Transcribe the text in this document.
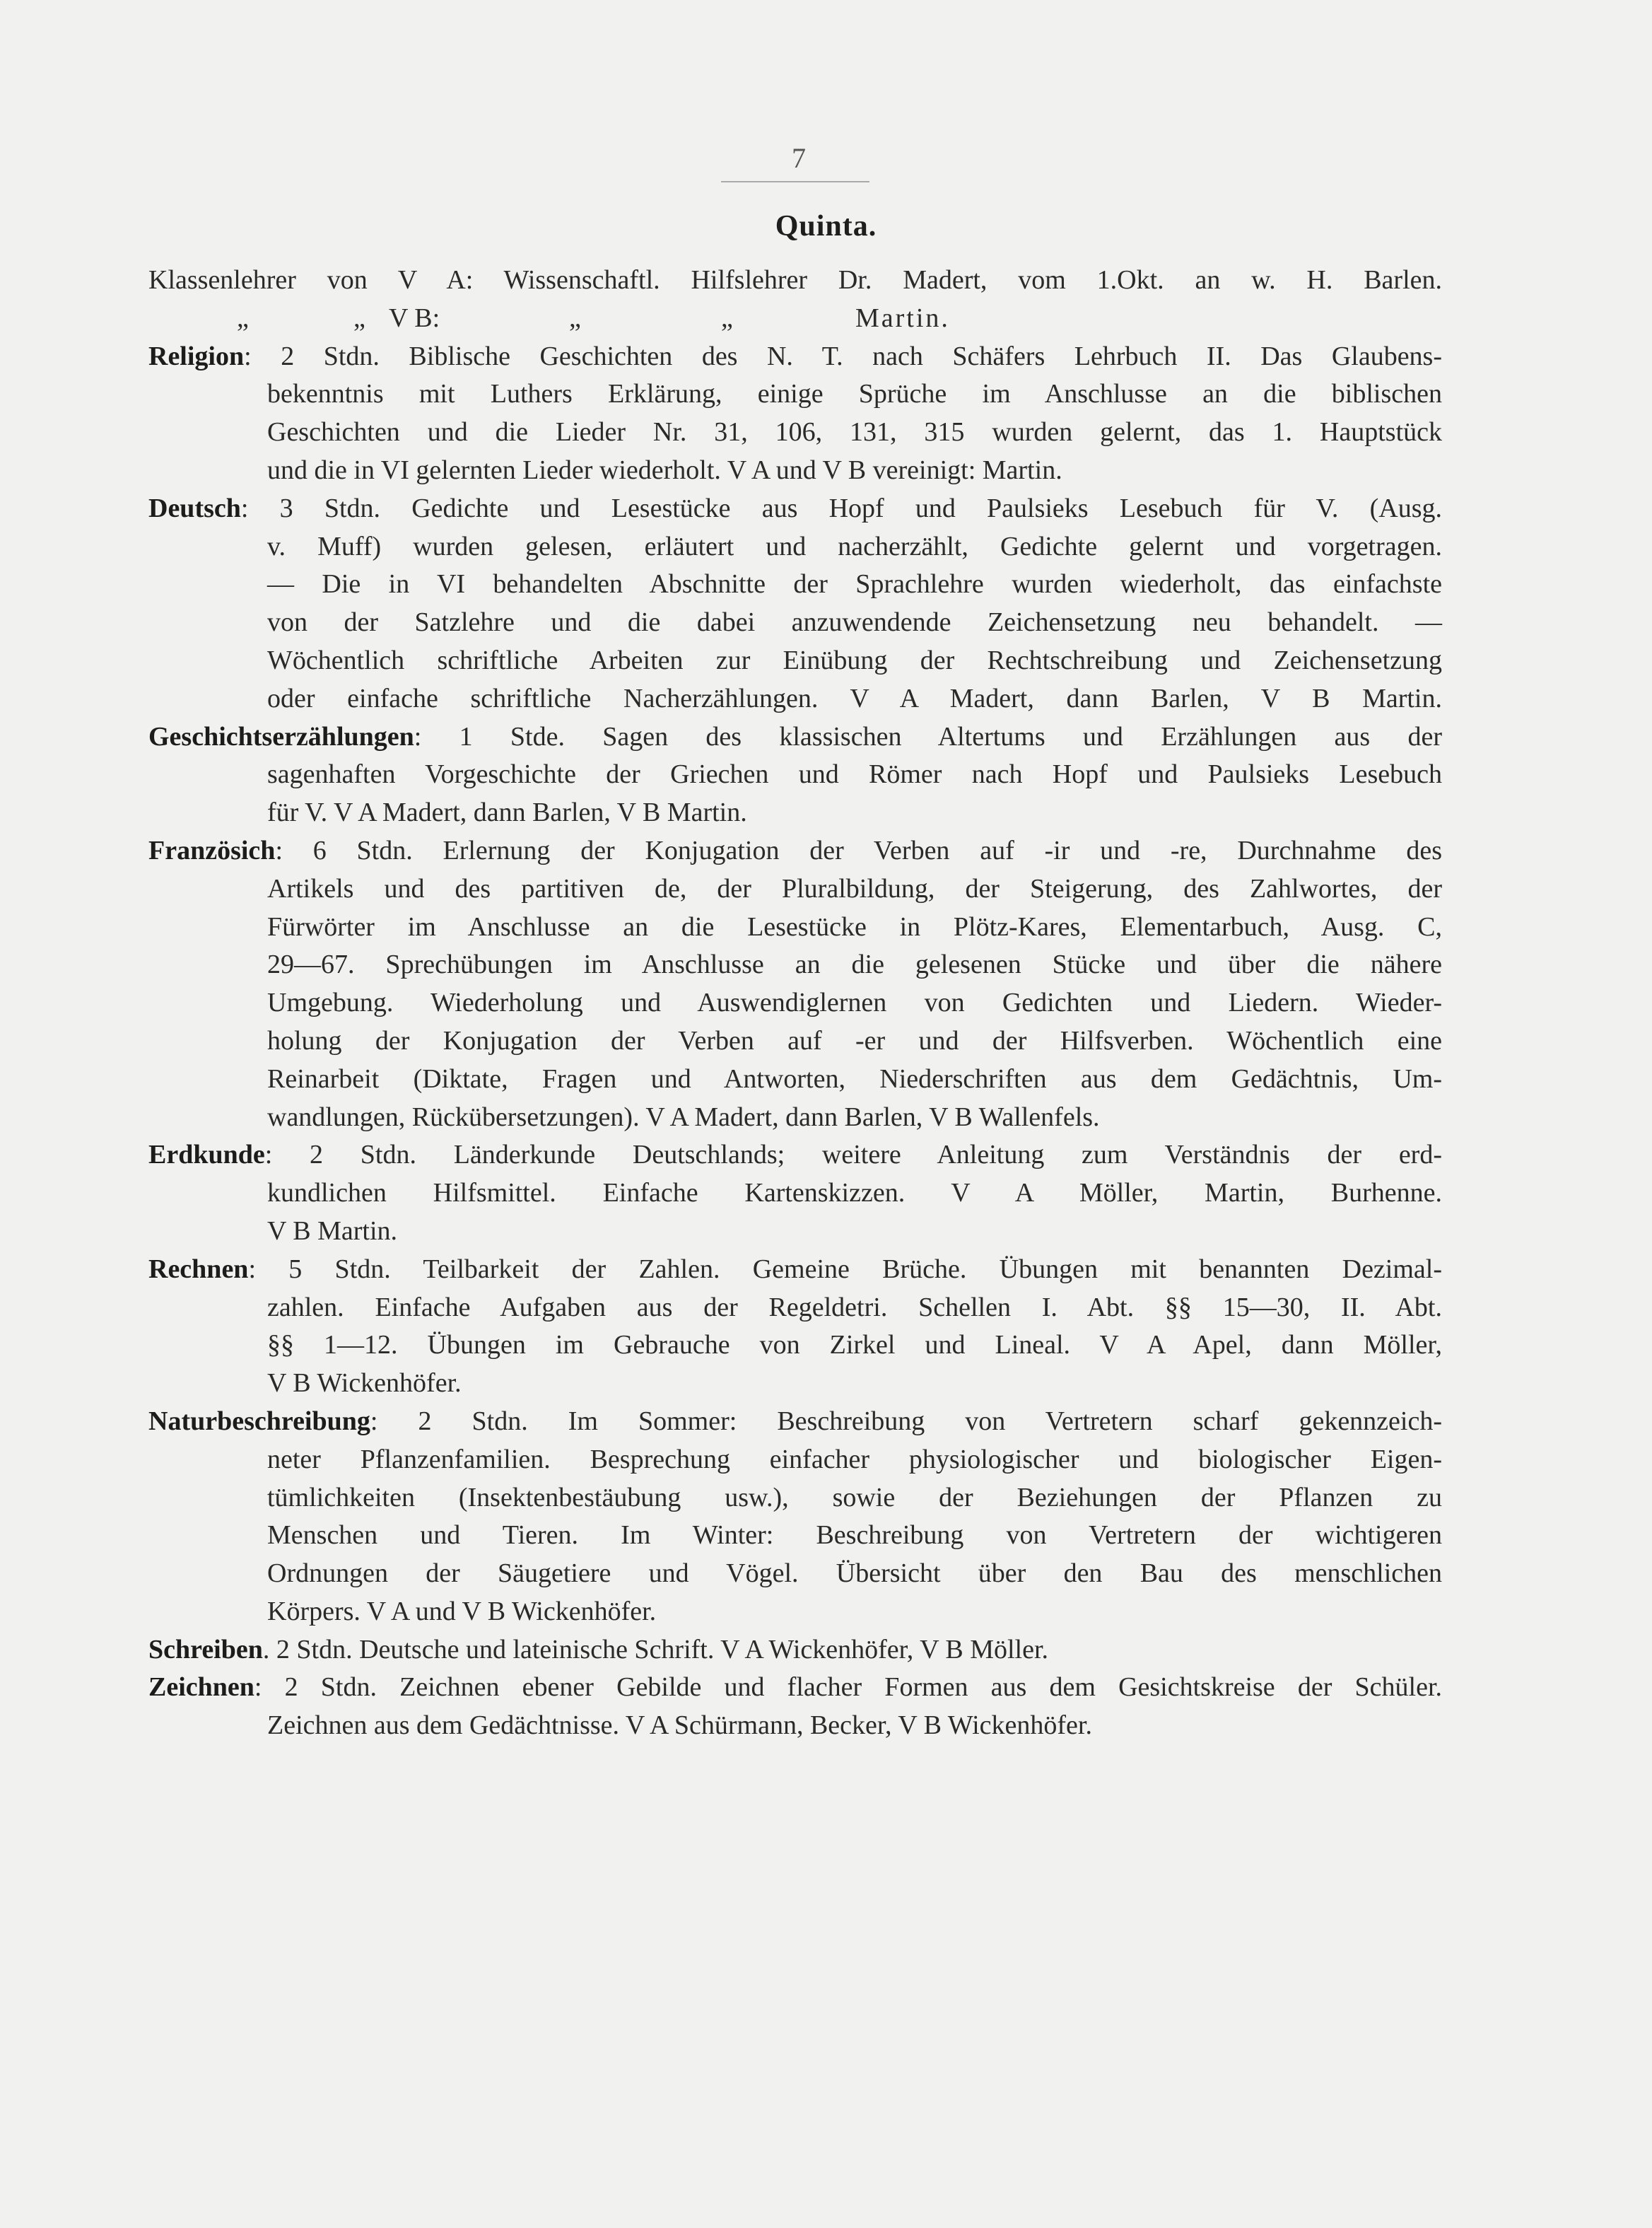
7
Quinta.
Klassenlehrer von V A: Wissenschaftl. Hilfslehrer Dr. Madert, vom 1.Okt. an w. H. Barlen.
„	„ V B:	„	„	Martin.
Religion: 2 Stdn. Biblische Geschichten des N. T. nach Schäfers Lehrbuch II. Das Glaubens-
bekenntnis mit Luthers Erklärung, einige Sprüche im Anschlusse an die biblischen
Geschichten und die Lieder Nr. 31, 106, 131, 315 wurden gelernt, das 1. Hauptstück
und die in VI gelernten Lieder wiederholt. V A und V B vereinigt: Martin.
Deutsch: 3 Stdn. Gedichte und Lesestücke aus Hopf und Paulsieks Lesebuch für V. (Ausg.
v. Muff) wurden gelesen, erläutert und nacherzählt, Gedichte gelernt und vorgetragen.
— Die in VI behandelten Abschnitte der Sprachlehre wurden wiederholt, das einfachste
von der Satzlehre und die dabei anzuwendende Zeichensetzung neu behandelt. —
Wöchentlich schriftliche Arbeiten zur Einübung der Rechtschreibung und Zeichensetzung
oder einfache schriftliche Nacherzählungen. V A Madert, dann Barlen, V B Martin.
Geschichtserzählungen: 1 Stde. Sagen des klassischen Altertums und Erzählungen aus der
sagenhaften Vorgeschichte der Griechen und Römer nach Hopf und Paulsieks Lesebuch
für V. V A Madert, dann Barlen, V B Martin.
Französich: 6 Stdn. Erlernung der Konjugation der Verben auf -ir und -re, Durchnahme des
Artikels und des partitiven de, der Pluralbildung, der Steigerung, des Zahlwortes, der
Fürwörter im Anschlusse an die Lesestücke in Plötz-Kares, Elementarbuch, Ausg. C,
29—67. Sprechübungen im Anschlusse an die gelesenen Stücke und über die nähere
Umgebung. Wiederholung und Auswendiglernen von Gedichten und Liedern. Wieder-
holung der Konjugation der Verben auf -er und der Hilfsverben. Wöchentlich eine
Reinarbeit (Diktate, Fragen und Antworten, Niederschriften aus dem Gedächtnis, Um-
wandlungen, Rückübersetzungen). V A Madert, dann Barlen, V B Wallenfels.
Erdkunde: 2 Stdn. Länderkunde Deutschlands; weitere Anleitung zum Verständnis der erd-
kundlichen Hilfsmittel. Einfache Kartenskizzen. V A Möller, Martin, Burhenne.
V B Martin.
Rechnen: 5 Stdn. Teilbarkeit der Zahlen. Gemeine Brüche. Übungen mit benannten Dezimal-
zahlen. Einfache Aufgaben aus der Regeldetri. Schellen I. Abt. §§ 15—30, II. Abt.
§§ 1—12. Übungen im Gebrauche von Zirkel und Lineal. V A Apel, dann Möller,
V B Wickenhöfer.
Naturbeschreibung: 2 Stdn. Im Sommer: Beschreibung von Vertretern scharf gekennzeich-
neter Pflanzenfamilien. Besprechung einfacher physiologischer und biologischer Eigen-
tümlichkeiten (Insektenbestäubung usw.), sowie der Beziehungen der Pflanzen zu
Menschen und Tieren. Im Winter: Beschreibung von Vertretern der wichtigeren
Ordnungen der Säugetiere und Vögel. Übersicht über den Bau des menschlichen
Körpers. V A und V B Wickenhöfer.
Schreiben. 2 Stdn. Deutsche und lateinische Schrift. V A Wickenhöfer, V B Möller.
Zeichnen: 2 Stdn. Zeichnen ebener Gebilde und flacher Formen aus dem Gesichtskreise der Schüler.
Zeichnen aus dem Gedächtnisse. V A Schürmann, Becker, V B Wickenhöfer.
